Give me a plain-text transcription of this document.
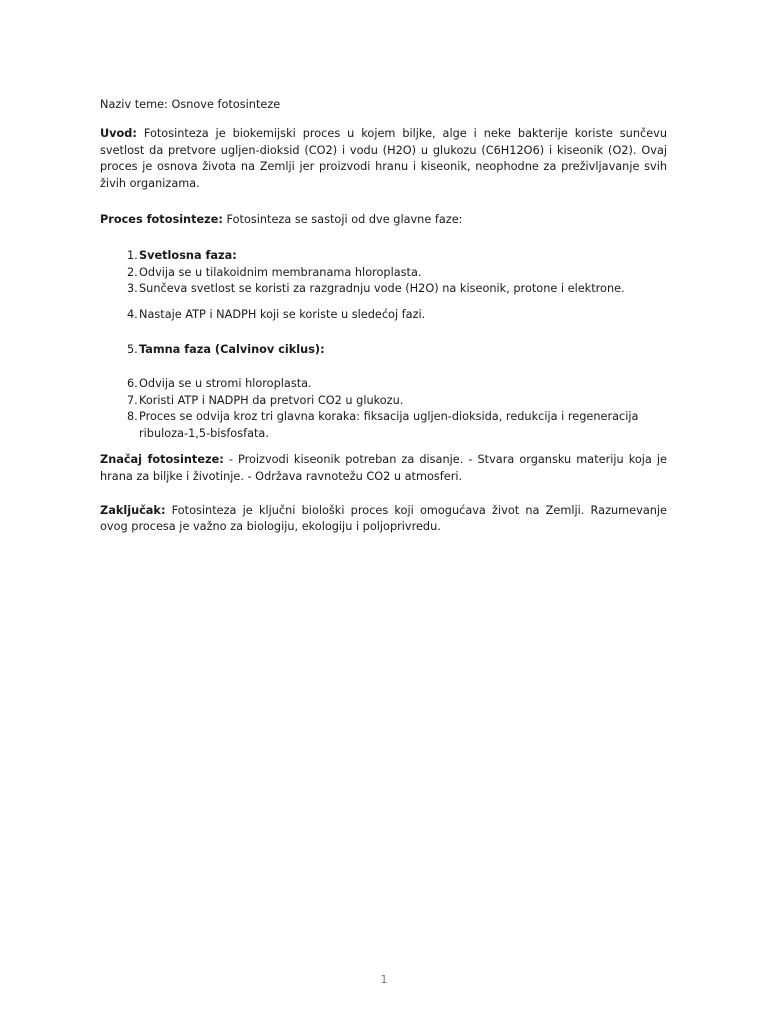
Naziv teme: Osnove fotosinteze

Uvod: Fotosinteza je biokemijski proces u kojem biljke, alge i neke bakterije koriste sunčevu svetlost da pretvore ugljen-dioksid (CO2) i vodu (H2O) u glukozu (C6H12O6) i kiseonik (O2). Ovaj proces je osnova života na Zemlji jer proizvodi hranu i kiseonik, neophodne za preživljavanje svih živih organizama.

Proces fotosinteze: Fotosinteza se sastoji od dve glavne faze:

1. Svetlosna faza:
2. Odvija se u tilakoidnim membranama hloroplasta.
3. Sunčeva svetlost se koristi za razgradnju vode (H2O) na kiseonik, protone i elektrone.
4. Nastaje ATP i NADPH koji se koriste u sledećoj fazi.
5. Tamna faza (Calvinov ciklus):
6. Odvija se u stromi hloroplasta.
7. Koristi ATP i NADPH da pretvori CO2 u glukozu.
8. Proces se odvija kroz tri glavna koraka: fiksacija ugljen-dioksida, redukcija i regeneracija ribuloza-1,5-bisfosfata.

Značaj fotosinteze: - Proizvodi kiseonik potreban za disanje. - Stvara organsku materiju koja je hrana za biljke i životinje. - Održava ravnotežu CO2 u atmosferi.

Zaključak: Fotosinteza je ključni biološki proces koji omogućava život na Zemlji. Razumevanje ovog procesa je važno za biologiju, ekologiju i poljoprivredu.

1
